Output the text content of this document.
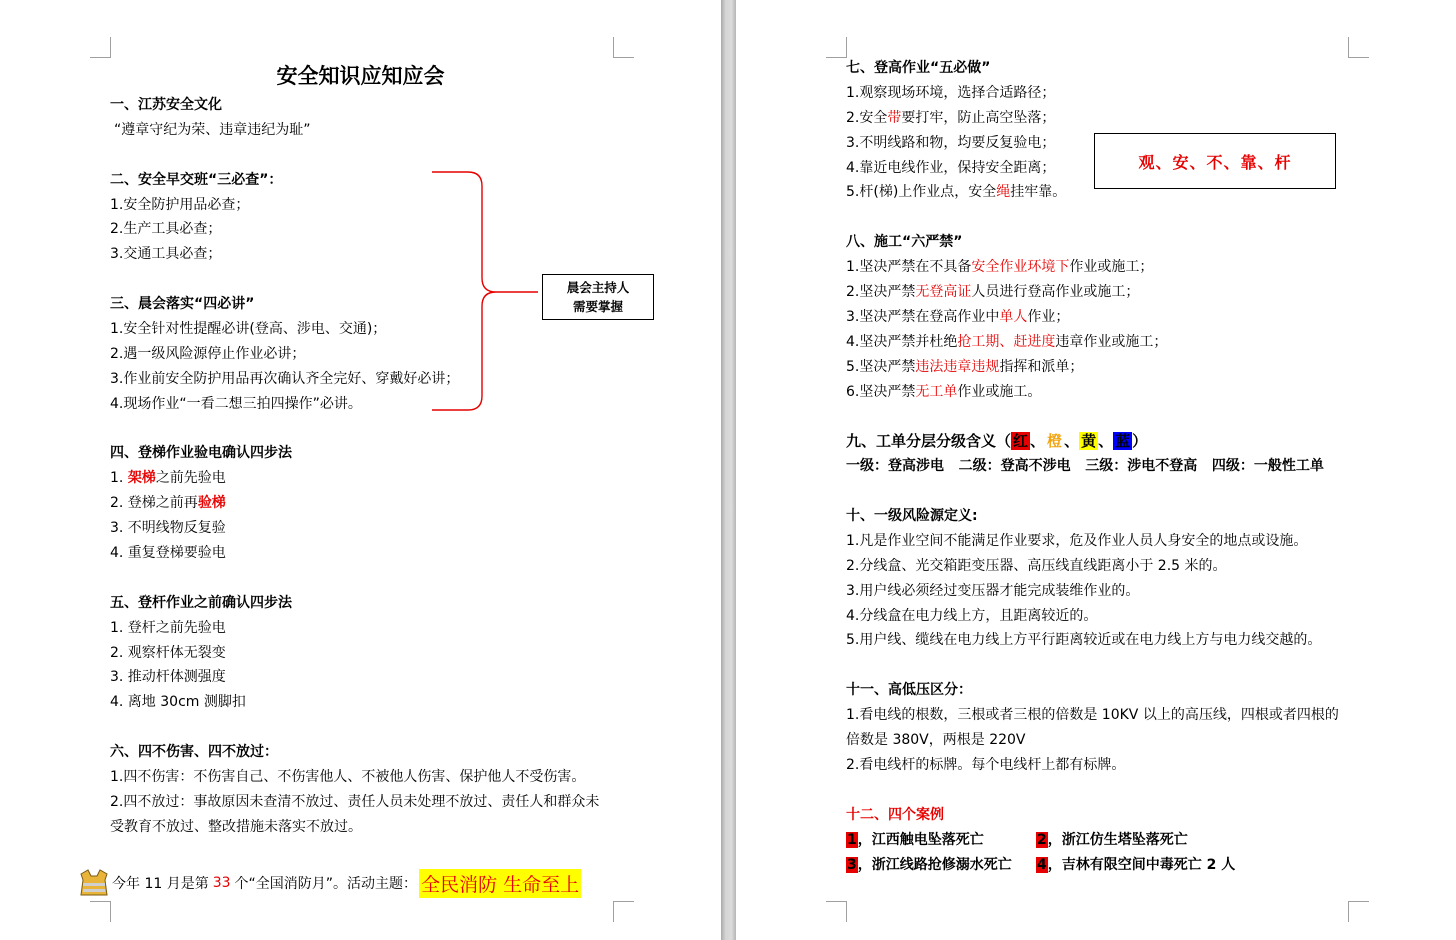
安全知识应知应会
一、江苏安全文化
“遵章守纪为荣、违章违纪为耻”
二、安全早交班“三必查”：
1.安全防护用品必查；
2.生产工具必查；
3.交通工具必查；
三、晨会落实“四必讲”
1.安全针对性提醒必讲(登高、涉电、交通)；
2.遇一级风险源停止作业必讲；
3.作业前安全防护用品再次确认齐全完好、穿戴好必讲；
4.现场作业“一看二想三拍四操作”必讲。
四、登梯作业验电确认四步法
1. 架梯之前先验电
2. 登梯之前再验梯
3. 不明线物反复验
4. 重复登梯要验电
五、登杆作业之前确认四步法
1. 登杆之前先验电
2. 观察杆体无裂变
3. 推动杆体测强度
4. 离地 30cm 测脚扣
六、四不伤害、四不放过：
1.四不伤害：不伤害自己、不伤害他人、不被他人伤害、保护他人不受伤害。
2.四不放过：事故原因未查清不放过、责任人员未处理不放过、责任人和群众未
受教育不放过、整改措施未落实不放过。
晨会主持人
需要掌握
今年 11 月是第 33 个“全国消防月”。活动主题： 全民消防 生命至上
七、登高作业“五必做”
1.观察现场环境，选择合适路径；
2.安全带要打牢，防止高空坠落；
3.不明线路和物，均要反复验电；
4.靠近电线作业，保持安全距离；
5.杆(梯)上作业点，安全绳挂牢靠。
八、施工“六严禁”
1.坚决严禁在不具备安全作业环境下作业或施工；
2.坚决严禁无登高证人员进行登高作业或施工；
3.坚决严禁在登高作业中单人作业；
4.坚决严禁并杜绝抢工期、赶进度违章作业或施工；
5.坚决严禁违法违章违规指挥和派单；
6.坚决严禁无工单作业或施工。
九、工单分层分级含义（ 红 、 橙 、 黄 、 蓝 ）
一级：登高涉电   二级：登高不涉电   三级：涉电不登高   四级：一般性工单
十、一级风险源定义:
1.凡是作业空间不能满足作业要求，危及作业人员人身安全的地点或设施。
2.分线盒、光交箱距变压器、高压线直线距离小于 2.5 米的。
3.用户线必须经过变压器才能完成装维作业的。
4.分线盒在电力线上方，且距离较近的。
5.用户线、缆线在电力线上方平行距离较近或在电力线上方与电力线交越的。
十一、高低压区分：
1.看电线的根数，三根或者三根的倍数是 10KV 以上的高压线，四根或者四根的
倍数是 380V，两根是 220V
2.看电线杆的标牌。每个电线杆上都有标牌。
十二、四个案例
1，江西触电坠落死亡	2，浙江仿生塔坠落死亡
3，浙江线路抢修溺水死亡	4，吉林有限空间中毒死亡 2 人
观、安、不、靠、杆
